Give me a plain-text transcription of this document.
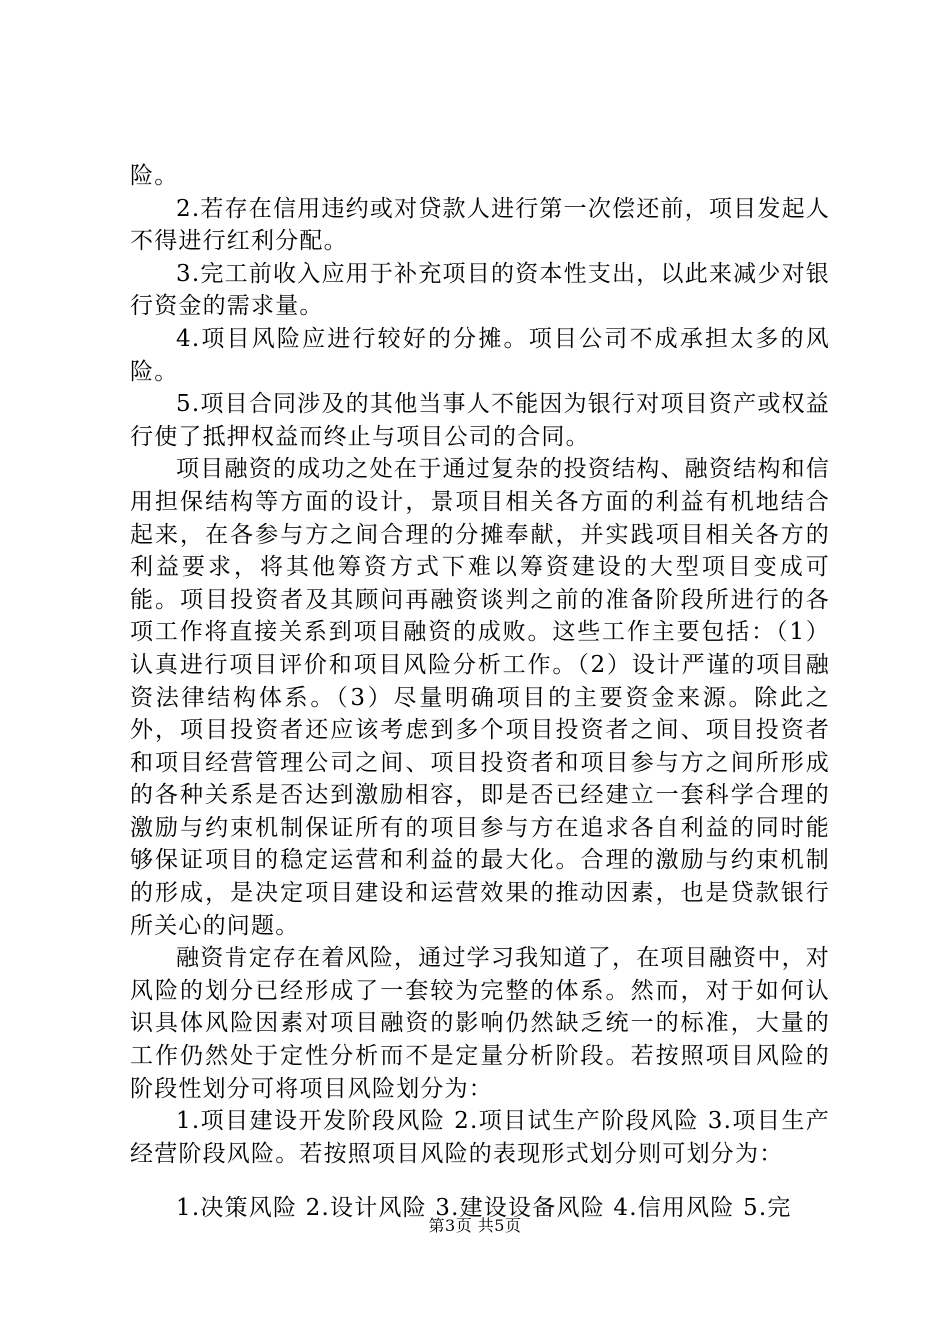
险。

2.若存在信用违约或对贷款人进行第一次偿还前，项目发起人不得进行红利分配。

3.完工前收入应用于补充项目的资本性支出，以此来减少对银行资金的需求量。

4.项目风险应进行较好的分摊。项目公司不成承担太多的风险。

5.项目合同涉及的其他当事人不能因为银行对项目资产或权益行使了抵押权益而终止与项目公司的合同。

项目融资的成功之处在于通过复杂的投资结构、融资结构和信用担保结构等方面的设计，景项目相关各方面的利益有机地结合起来，在各参与方之间合理的分摊奉献，并实践项目相关各方的利益要求，将其他筹资方式下难以筹资建设的大型项目变成可能。项目投资者及其顾问再融资谈判之前的准备阶段所进行的各项工作将直接关系到项目融资的成败。这些工作主要包括：（1）认真进行项目评价和项目风险分析工作。（2）设计严谨的项目融资法律结构体系。（3）尽量明确项目的主要资金来源。除此之外，项目投资者还应该考虑到多个项目投资者之间、项目投资者和项目经营管理公司之间、项目投资者和项目参与方之间所形成的各种关系是否达到激励相容，即是否已经建立一套科学合理的激励与约束机制保证所有的项目参与方在追求各自利益的同时能够保证项目的稳定运营和利益的最大化。合理的激励与约束机制的形成，是决定项目建设和运营效果的推动因素，也是贷款银行所关心的问题。

融资肯定存在着风险，通过学习我知道了，在项目融资中，对风险的划分已经形成了一套较为完整的体系。然而，对于如何认识具体风险因素对项目融资的影响仍然缺乏统一的标准，大量的工作仍然处于定性分析而不是定量分析阶段。若按照项目风险的阶段性划分可将项目风险划分为：

1.项目建设开发阶段风险 2.项目试生产阶段风险 3.项目生产经营阶段风险。若按照项目风险的表现形式划分则可划分为：

1.决策风险 2.设计风险 3.建设设备风险 4.信用风险 5.完

第3页 共5页
